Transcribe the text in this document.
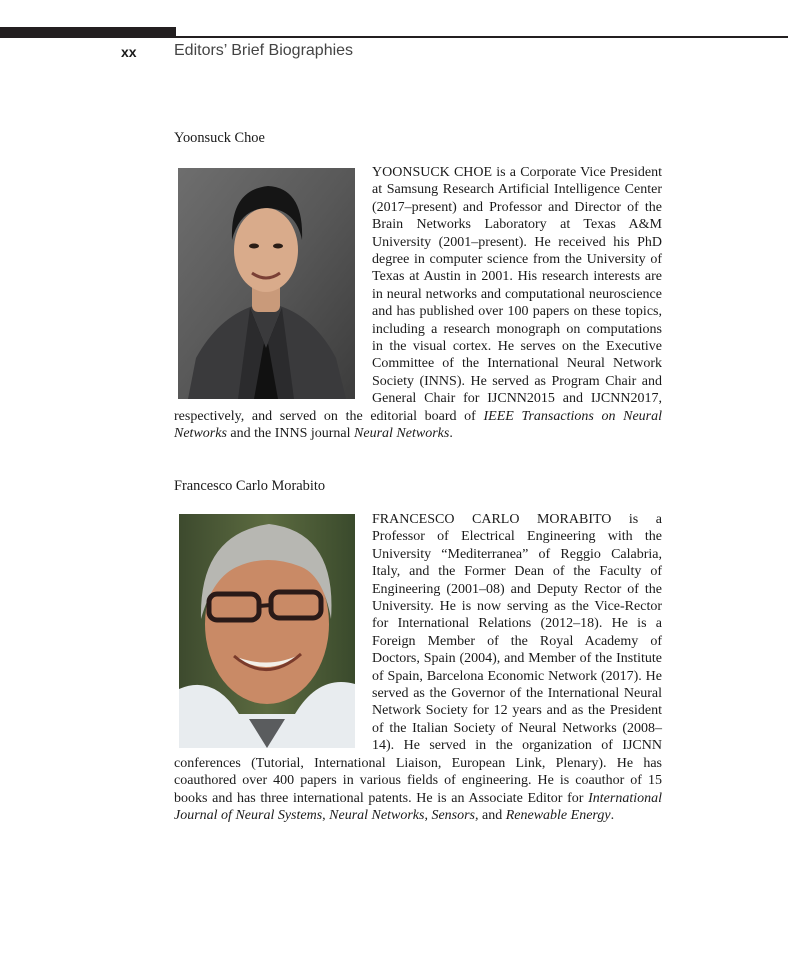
xx Editors’ Brief Biographies
Yoonsuck Choe

YOONSUCK CHOE is a Corporate Vice President at Samsung Research Artificial Intelligence Center (2017–present) and Professor and Director of the Brain Networks Laboratory at Texas A&M University (2001–present). He received his PhD degree in computer science from the University of Texas at Austin in 2001. His research interests are in neural networks and computational neuroscience and has published over 100 papers on these topics, including a research monograph on computations in the visual cortex. He serves on the Executive Committee of the International Neural Network Society (INNS). He served as Program Chair and General Chair for IJCNN2015 and IJCNN2017, respectively, and served on the editorial board of IEEE Transactions on Neural Networks and the INNS journal Neural Networks.

Francesco Carlo Morabito

FRANCESCO CARLO MORABITO is a Professor of Electrical Engineering with the University “Mediterranea” of Reggio Calabria, Italy, and the Former Dean of the Faculty of Engineering (2001–08) and Deputy Rector of the University. He is now serving as the Vice-Rector for International Relations (2012–18). He is a Foreign Member of the Royal Academy of Doctors, Spain (2004), and Member of the Institute of Spain, Barcelona Economic Network (2017). He served as the Governor of the International Neural Network Society for 12 years and as the President of the Italian Society of Neural Networks (2008–14). He served in the organization of IJCNN conferences (Tutorial, International Liaison, European Link, Plenary). He has coauthored over 400 papers in various fields of engineering. He is coauthor of 15 books and has three international patents. He is an Associate Editor for International Journal of Neural Systems, Neural Networks, Sensors, and Renewable Energy.
